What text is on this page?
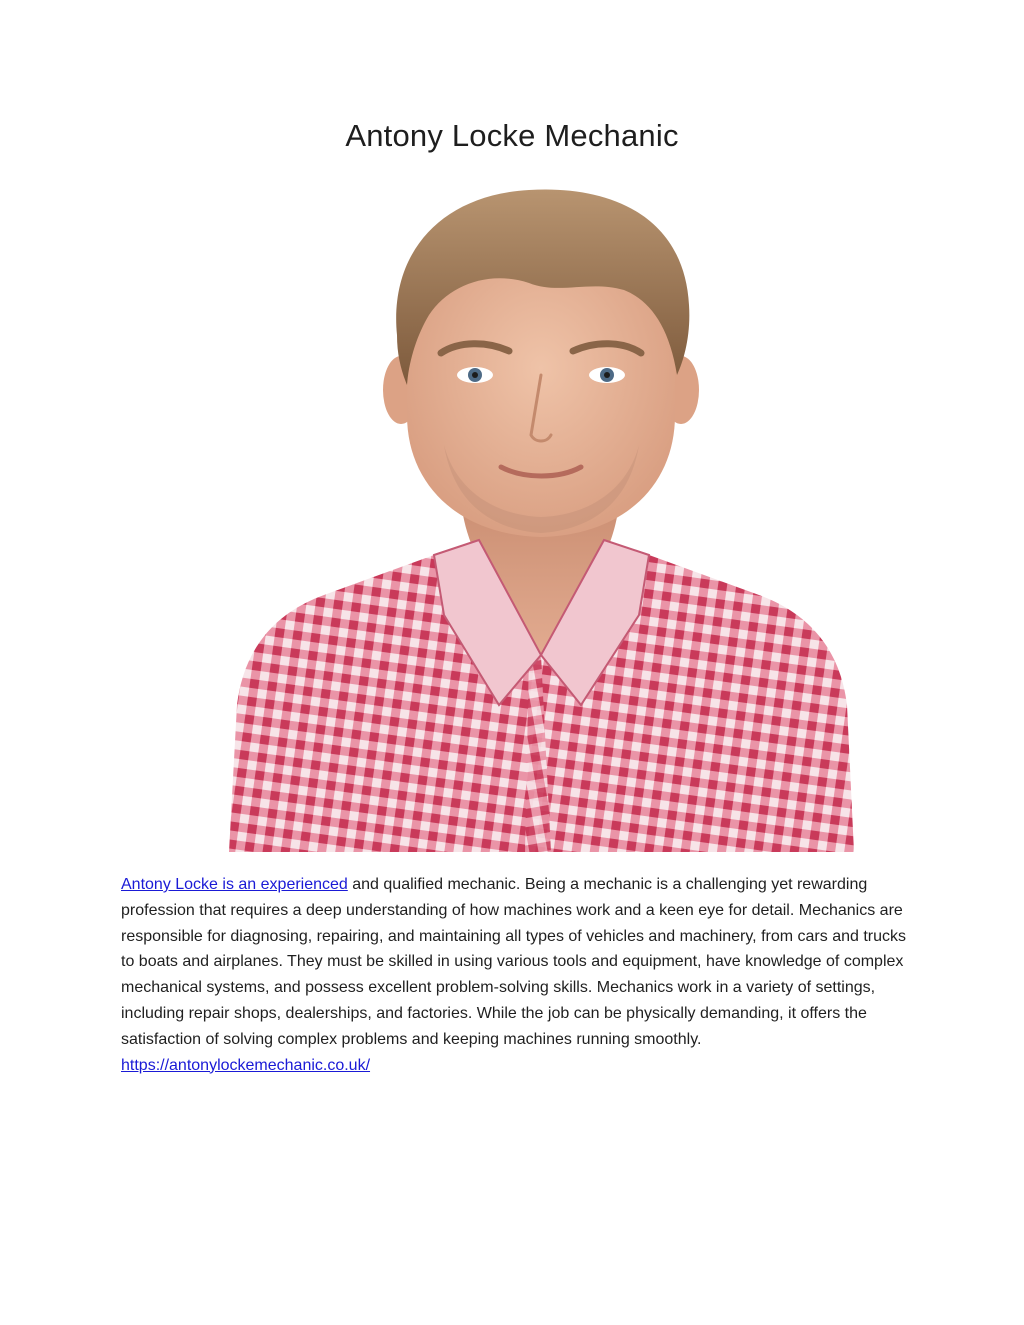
Antony Locke Mechanic

Antony Locke is an experienced and qualified mechanic. Being a mechanic is a challenging yet rewarding profession that requires a deep understanding of how machines work and a keen eye for detail. Mechanics are responsible for diagnosing, repairing, and maintaining all types of vehicles and machinery, from cars and trucks to boats and airplanes. They must be skilled in using various tools and equipment, have knowledge of complex mechanical systems, and possess excellent problem-solving skills. Mechanics work in a variety of settings, including repair shops, dealerships, and factories. While the job can be physically demanding, it offers the satisfaction of solving complex problems and keeping machines running smoothly. https://antonylockemechanic.co.uk/
